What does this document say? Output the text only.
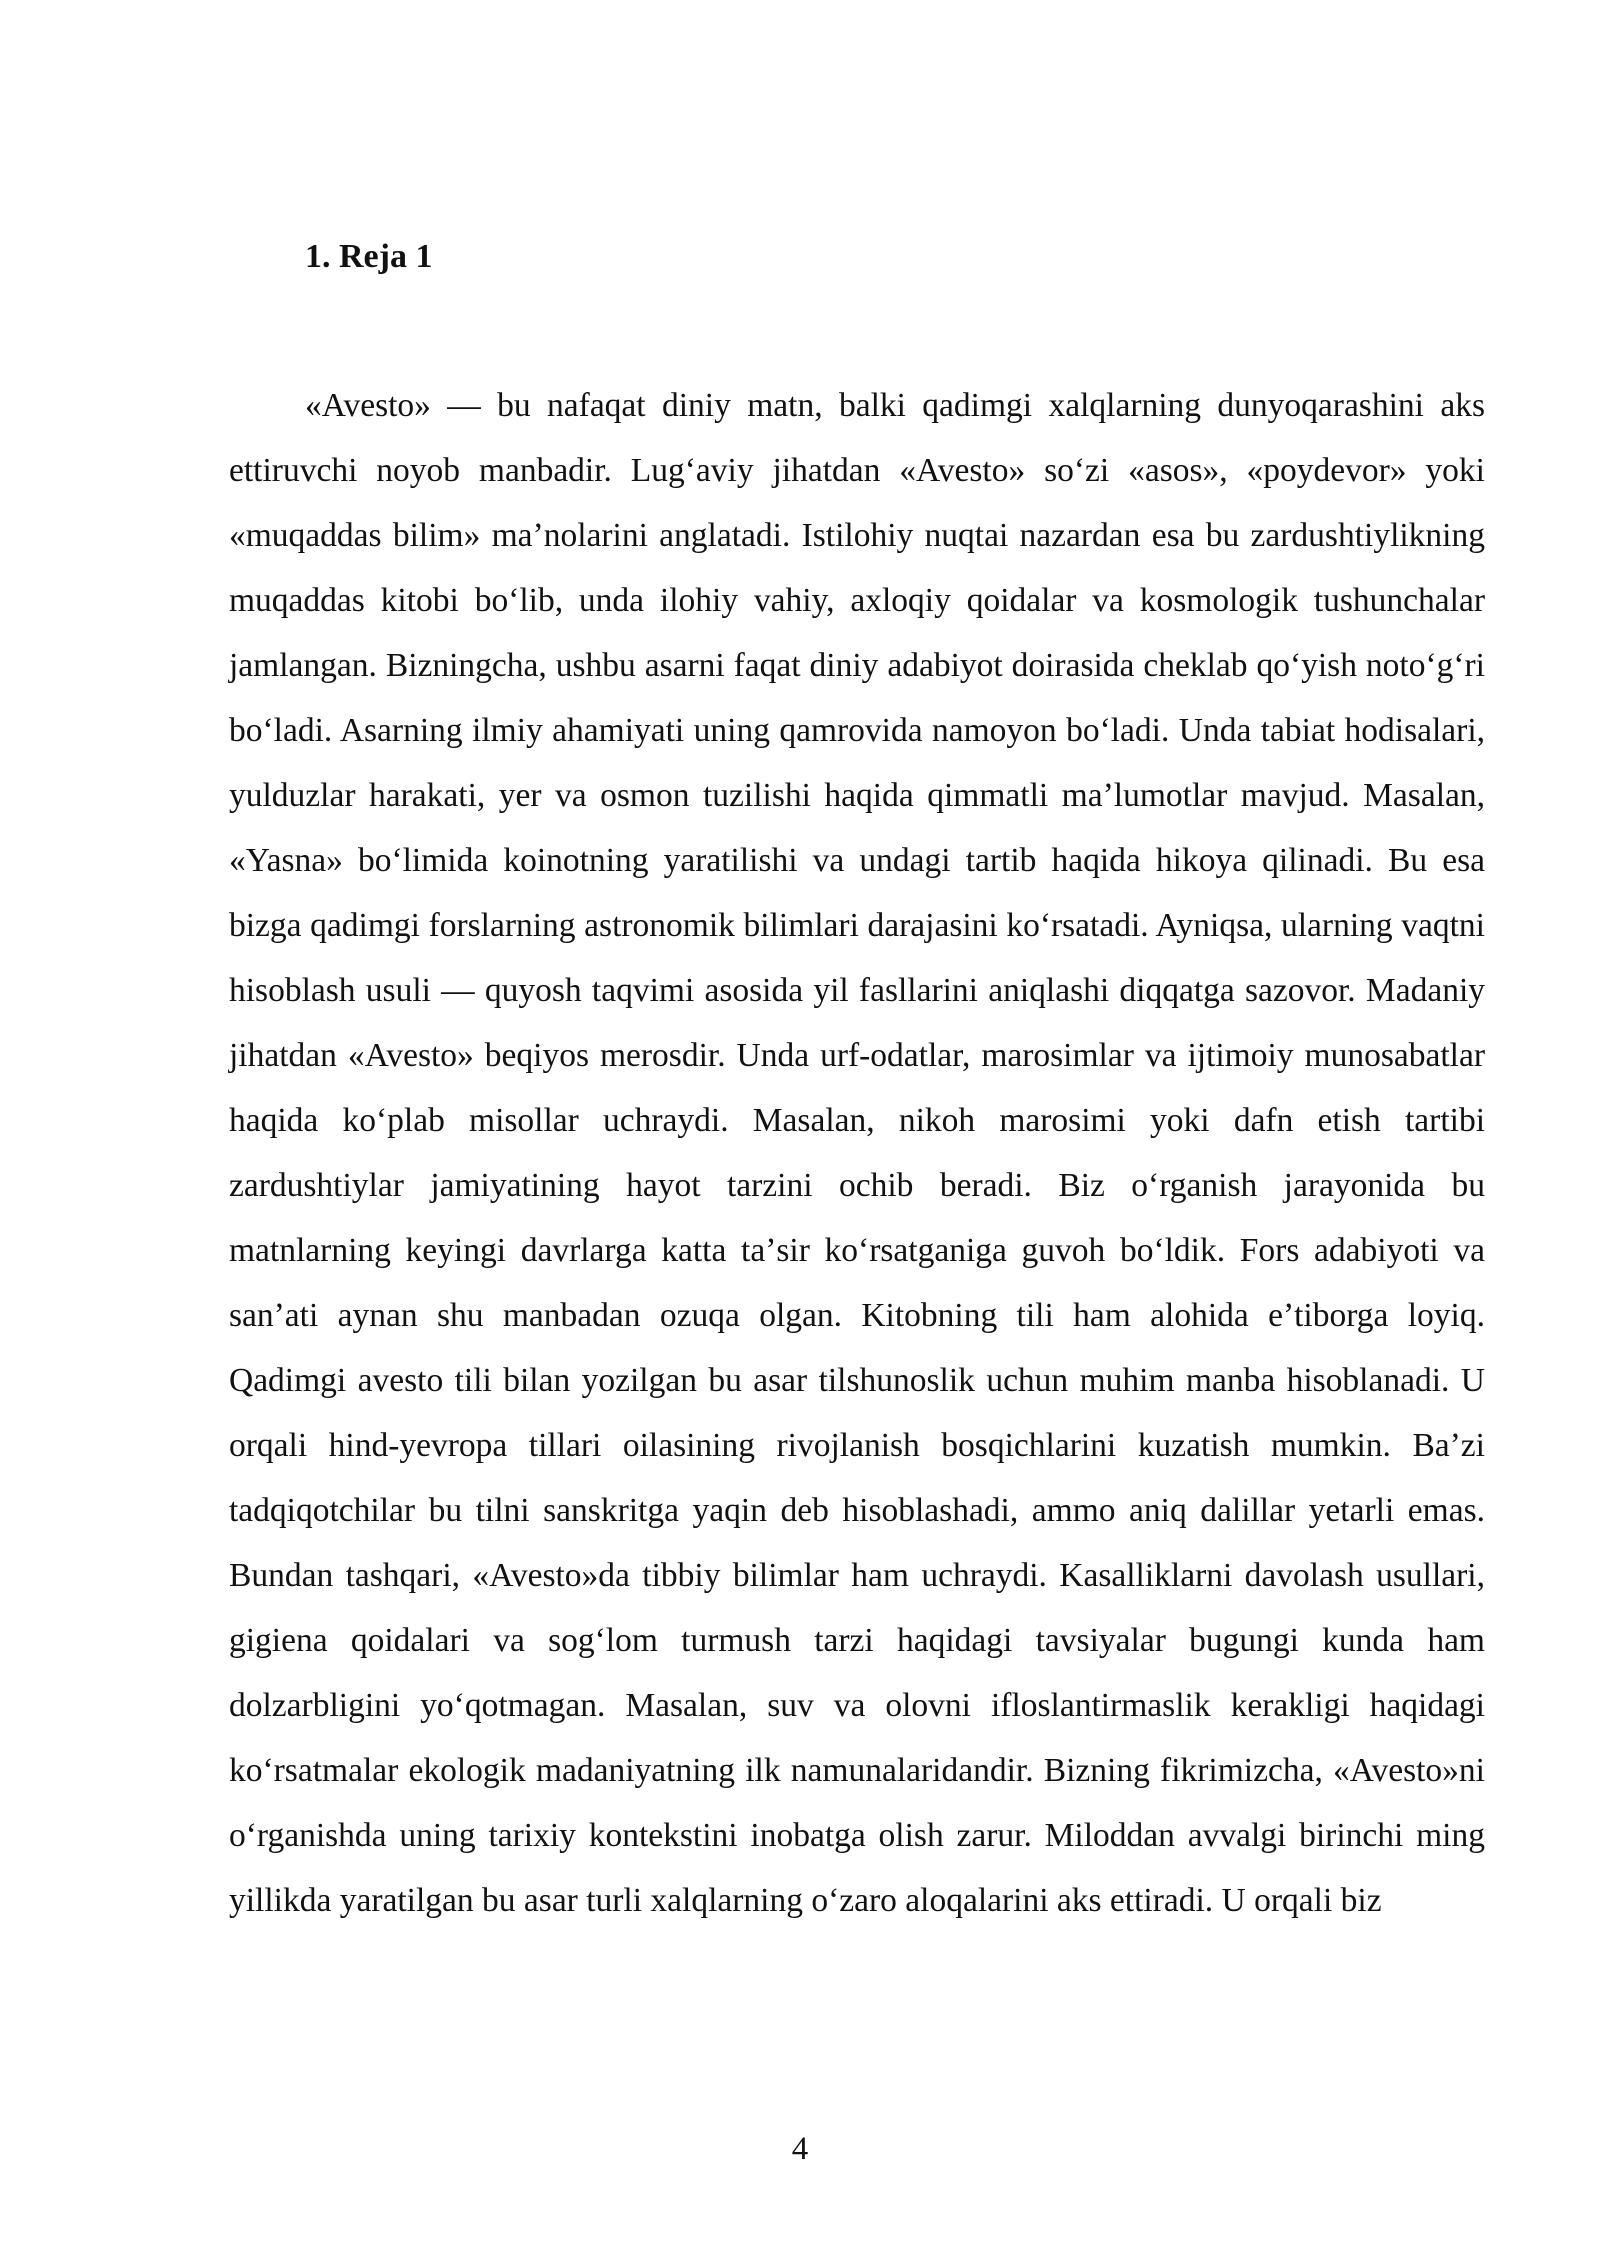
1. Reja 1

«Avesto» — bu nafaqat diniy matn, balki qadimgi xalqlarning dunyoqarashini aks ettiruvchi noyob manbadir. Lugʻaviy jihatdan «Avesto» soʻzi «asos», «poydevor» yoki «muqaddas bilim» maʼnolarini anglatadi. Istilohiy nuqtai nazardan esa bu zardushtiylikning muqaddas kitobi boʻlib, unda ilohiy vahiy, axloqiy qoidalar va kosmologik tushunchalar jamlangan. Bizningcha, ushbu asarni faqat diniy adabiyot doirasida cheklab qoʻyish notoʻgʻri boʻladi. Asarning ilmiy ahamiyati uning qamrovida namoyon boʻladi. Unda tabiat hodisalari, yulduzlar harakati, yer va osmon tuzilishi haqida qimmatli maʼlumotlar mavjud. Masalan, «Yasna» boʻlimida koinotning yaratilishi va undagi tartib haqida hikoya qilinadi. Bu esa bizga qadimgi forslarning astronomik bilimlari darajasini koʻrsatadi. Ayniqsa, ularning vaqtni hisoblash usuli — quyosh taqvimi asosida yil fasllarini aniqlashi diqqatga sazovor. Madaniy jihatdan «Avesto» beqiyos merosdir. Unda urf-odatlar, marosimlar va ijtimoiy munosabatlar haqida koʻplab misollar uchraydi. Masalan, nikoh marosimi yoki dafn etish tartibi zardushtiylar jamiyatining hayot tarzini ochib beradi. Biz oʻrganish jarayonida bu matnlarning keyingi davrlarga katta taʼsir koʻrsatganiga guvoh boʻldik. Fors adabiyoti va sanʼati aynan shu manbadan ozuqa olgan. Kitobning tili ham alohida eʼtiborga loyiq. Qadimgi avesto tili bilan yozilgan bu asar tilshunoslik uchun muhim manba hisoblanadi. U orqali hind-yevropa tillari oilasining rivojlanish bosqichlarini kuzatish mumkin. Baʼzi tadqiqotchilar bu tilni sanskritga yaqin deb hisoblashadi, ammo aniq dalillar yetarli emas. Bundan tashqari, «Avesto»da tibbiy bilimlar ham uchraydi. Kasalliklarni davolash usullari, gigiena qoidalari va sogʻlom turmush tarzi haqidagi tavsiyalar bugungi kunda ham dolzarbligini yoʻqotmagan. Masalan, suv va olovni ifloslantirmaslik kerakligi haqidagi koʻrsatmalar ekologik madaniyatning ilk namunalaridandir. Bizning fikrimizcha, «Avesto»ni oʻrganishda uning tarixiy kontekstini inobatga olish zarur. Miloddan avvalgi birinchi ming yillikda yaratilgan bu asar turli xalqlarning oʻzaro aloqalarini aks ettiradi. U orqali biz

4
